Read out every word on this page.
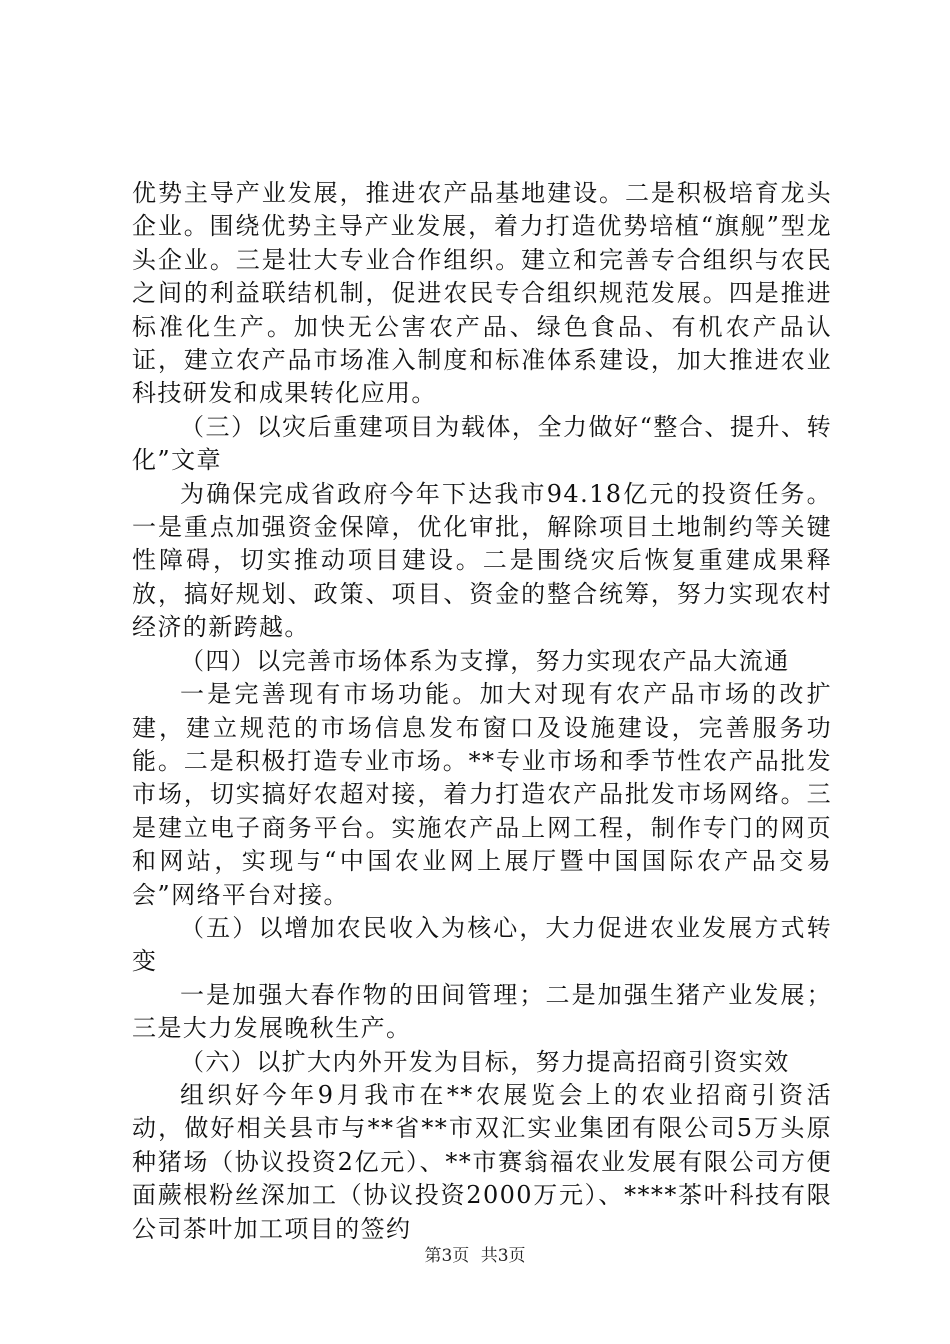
优势主导产业发展，推进农产品基地建设。二是积极培育龙头企业。围绕优势主导产业发展，着力打造优势培植“旗舰”型龙头企业。三是壮大专业合作组织。建立和完善专合组织与农民之间的利益联结机制，促进农民专合组织规范发展。四是推进标准化生产。加快无公害农产品、绿色食品、有机农产品认证，建立农产品市场准入制度和标准体系建设，加大推进农业科技研发和成果转化应用。

（三）以灾后重建项目为载体，全力做好“整合、提升、转化”文章

为确保完成省政府今年下达我市94.18亿元的投资任务。一是重点加强资金保障，优化审批，解除项目土地制约等关键性障碍，切实推动项目建设。二是围绕灾后恢复重建成果释放，搞好规划、政策、项目、资金的整合统筹，努力实现农村经济的新跨越。

（四）以完善市场体系为支撑，努力实现农产品大流通

一是完善现有市场功能。加大对现有农产品市场的改扩建，建立规范的市场信息发布窗口及设施建设，完善服务功能。二是积极打造专业市场。**专业市场和季节性农产品批发市场，切实搞好农超对接，着力打造农产品批发市场网络。三是建立电子商务平台。实施农产品上网工程，制作专门的网页和网站，实现与“中国农业网上展厅暨中国国际农产品交易会”网络平台对接。

（五）以增加农民收入为核心，大力促进农业发展方式转变

一是加强大春作物的田间管理；二是加强生猪产业发展；三是大力发展晚秋生产。

（六）以扩大内外开发为目标，努力提高招商引资实效

组织好今年9月我市在**农展览会上的农业招商引资活动，做好相关县市与**省**市双汇实业集团有限公司5万头原种猪场（协议投资2亿元）、**市赛翁福农业发展有限公司方便面蕨根粉丝深加工（协议投资2000万元）、****茶叶科技有限公司茶叶加工项目的签约

第3页 共3页
